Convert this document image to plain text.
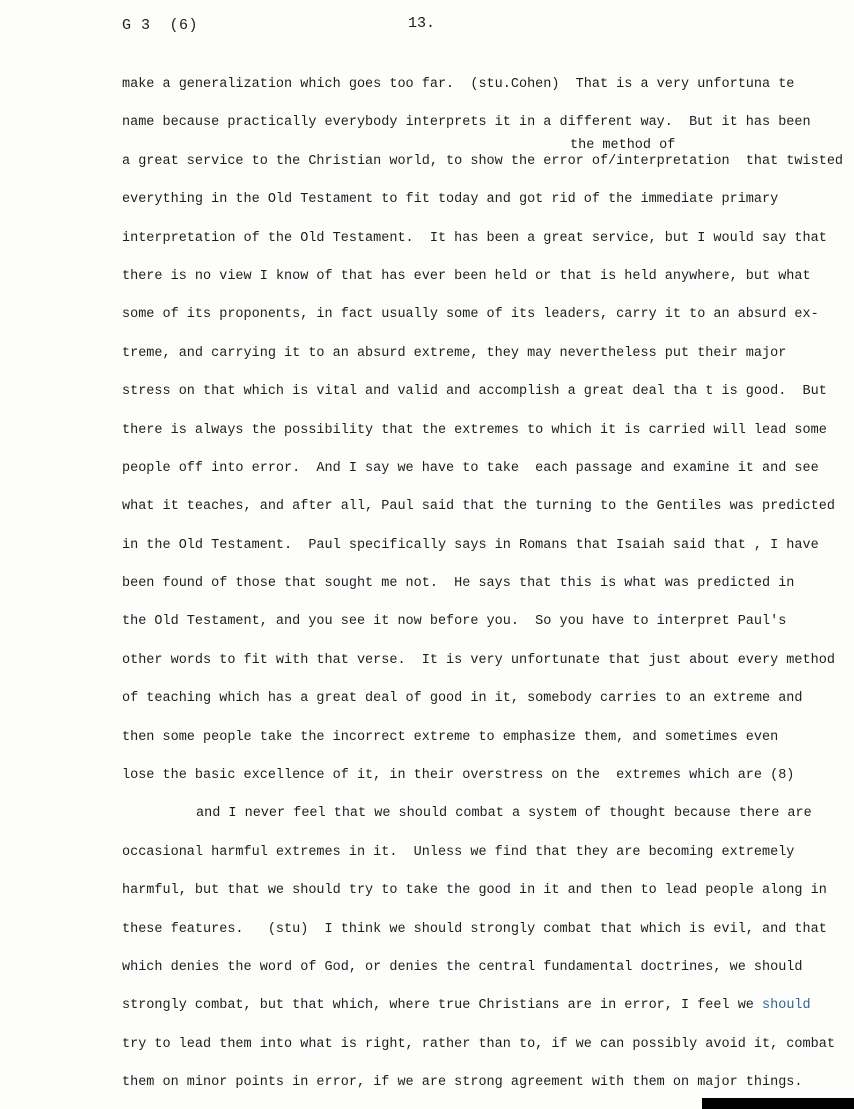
G 3  (6)	13.
make a generalization which goes too far.  (stu.Cohen)  That is a very unfortuna te
name because practically everybody interprets it in a different way.  But it has been
a great service to the Christian world, to show the error of/interpretation  that twisted
the method of
everything in the Old Testament to fit today and got rid of the immediate primary
interpretation of the Old Testament.  It has been a great service, but I would say that
there is no view I know of that has ever been held or that is held anywhere, but what
some of its proponents, in fact usually some of its leaders, carry it to an absurd ex-
treme, and carrying it to an absurd extreme, they may nevertheless put their major
stress on that which is vital and valid and accomplish a great deal tha t is good.  But
there is always the possibility that the extremes to which it is carried will lead some
people off into error.  And I say we have to take  each passage and examine it and see
what it teaches, and after all, Paul said that the turning to the Gentiles was predicted
in the Old Testament.  Paul specifically says in Romans that Isaiah said that , I have
been found of those that sought me not.  He says that this is what was predicted in
the Old Testament, and you see it now before you.  So you have to interpret Paul's
other words to fit with that verse.  It is very unfortunate that just about every method
of teaching which has a great deal of good in it, somebody carries to an extreme and
then some people take the incorrect extreme to emphasize them, and sometimes even
lose the basic excellence of it, in their overstress on the  extremes which are (8)
and I never feel that we should combat a system of thought because there are
occasional harmful extremes in it.  Unless we find that they are becoming extremely
harmful, but that we should try to take the good in it and then to lead people along in
these features.   (stu)  I think we should strongly combat that which is evil, and that
which denies the word of God, or denies the central fundamental doctrines, we should
strongly combat, but that which, where true Christians are in error, I feel we should
try to lead them into what is right, rather than to, if we can possibly avoid it, combat
them on minor points in error, if we are strong agreement with them on major things.
